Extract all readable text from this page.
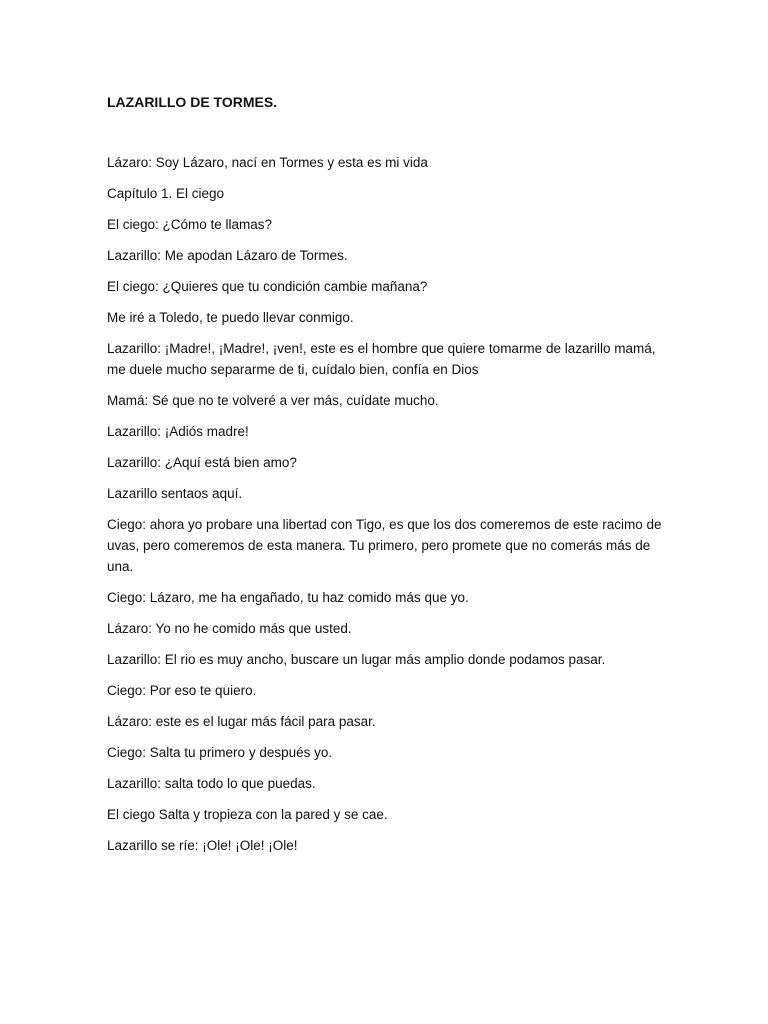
LAZARILLO DE TORMES.

Lázaro: Soy Lázaro, nací en Tormes y esta es mi vida

Capítulo 1. El ciego

El ciego: ¿Cómo te llamas?

Lazarillo: Me apodan Lázaro de Tormes.

El ciego: ¿Quieres que tu condición cambie mañana?

Me iré a Toledo, te puedo llevar conmigo.

Lazarillo: ¡Madre!, ¡Madre!, ¡ven!, este es el hombre que quiere tomarme de lazarillo mamá, me duele mucho separarme de ti, cuídalo bien, confía en Dios

Mamá: Sé que no te volveré a ver más, cuídate mucho.

Lazarillo: ¡Adiós madre!

Lazarillo: ¿Aquí está bien amo?

Lazarillo sentaos aquí.

Ciego: ahora yo probare una libertad con Tigo, es que los dos comeremos de este racimo de uvas, pero comeremos de esta manera. Tu primero, pero promete que no comerás más de una.

Ciego: Lázaro, me ha engañado, tu haz comido más que yo.

Lázaro: Yo no he comido más que usted.

Lazarillo: El rio es muy ancho, buscare un lugar más amplio donde podamos pasar.

Ciego: Por eso te quiero.

Lázaro: este es el lugar más fácil para pasar.

Ciego: Salta tu primero y después yo.

Lazarillo: salta todo lo que puedas.

El ciego Salta y tropieza con la pared y se cae.

Lazarillo se ríe: ¡Ole! ¡Ole! ¡Ole!
